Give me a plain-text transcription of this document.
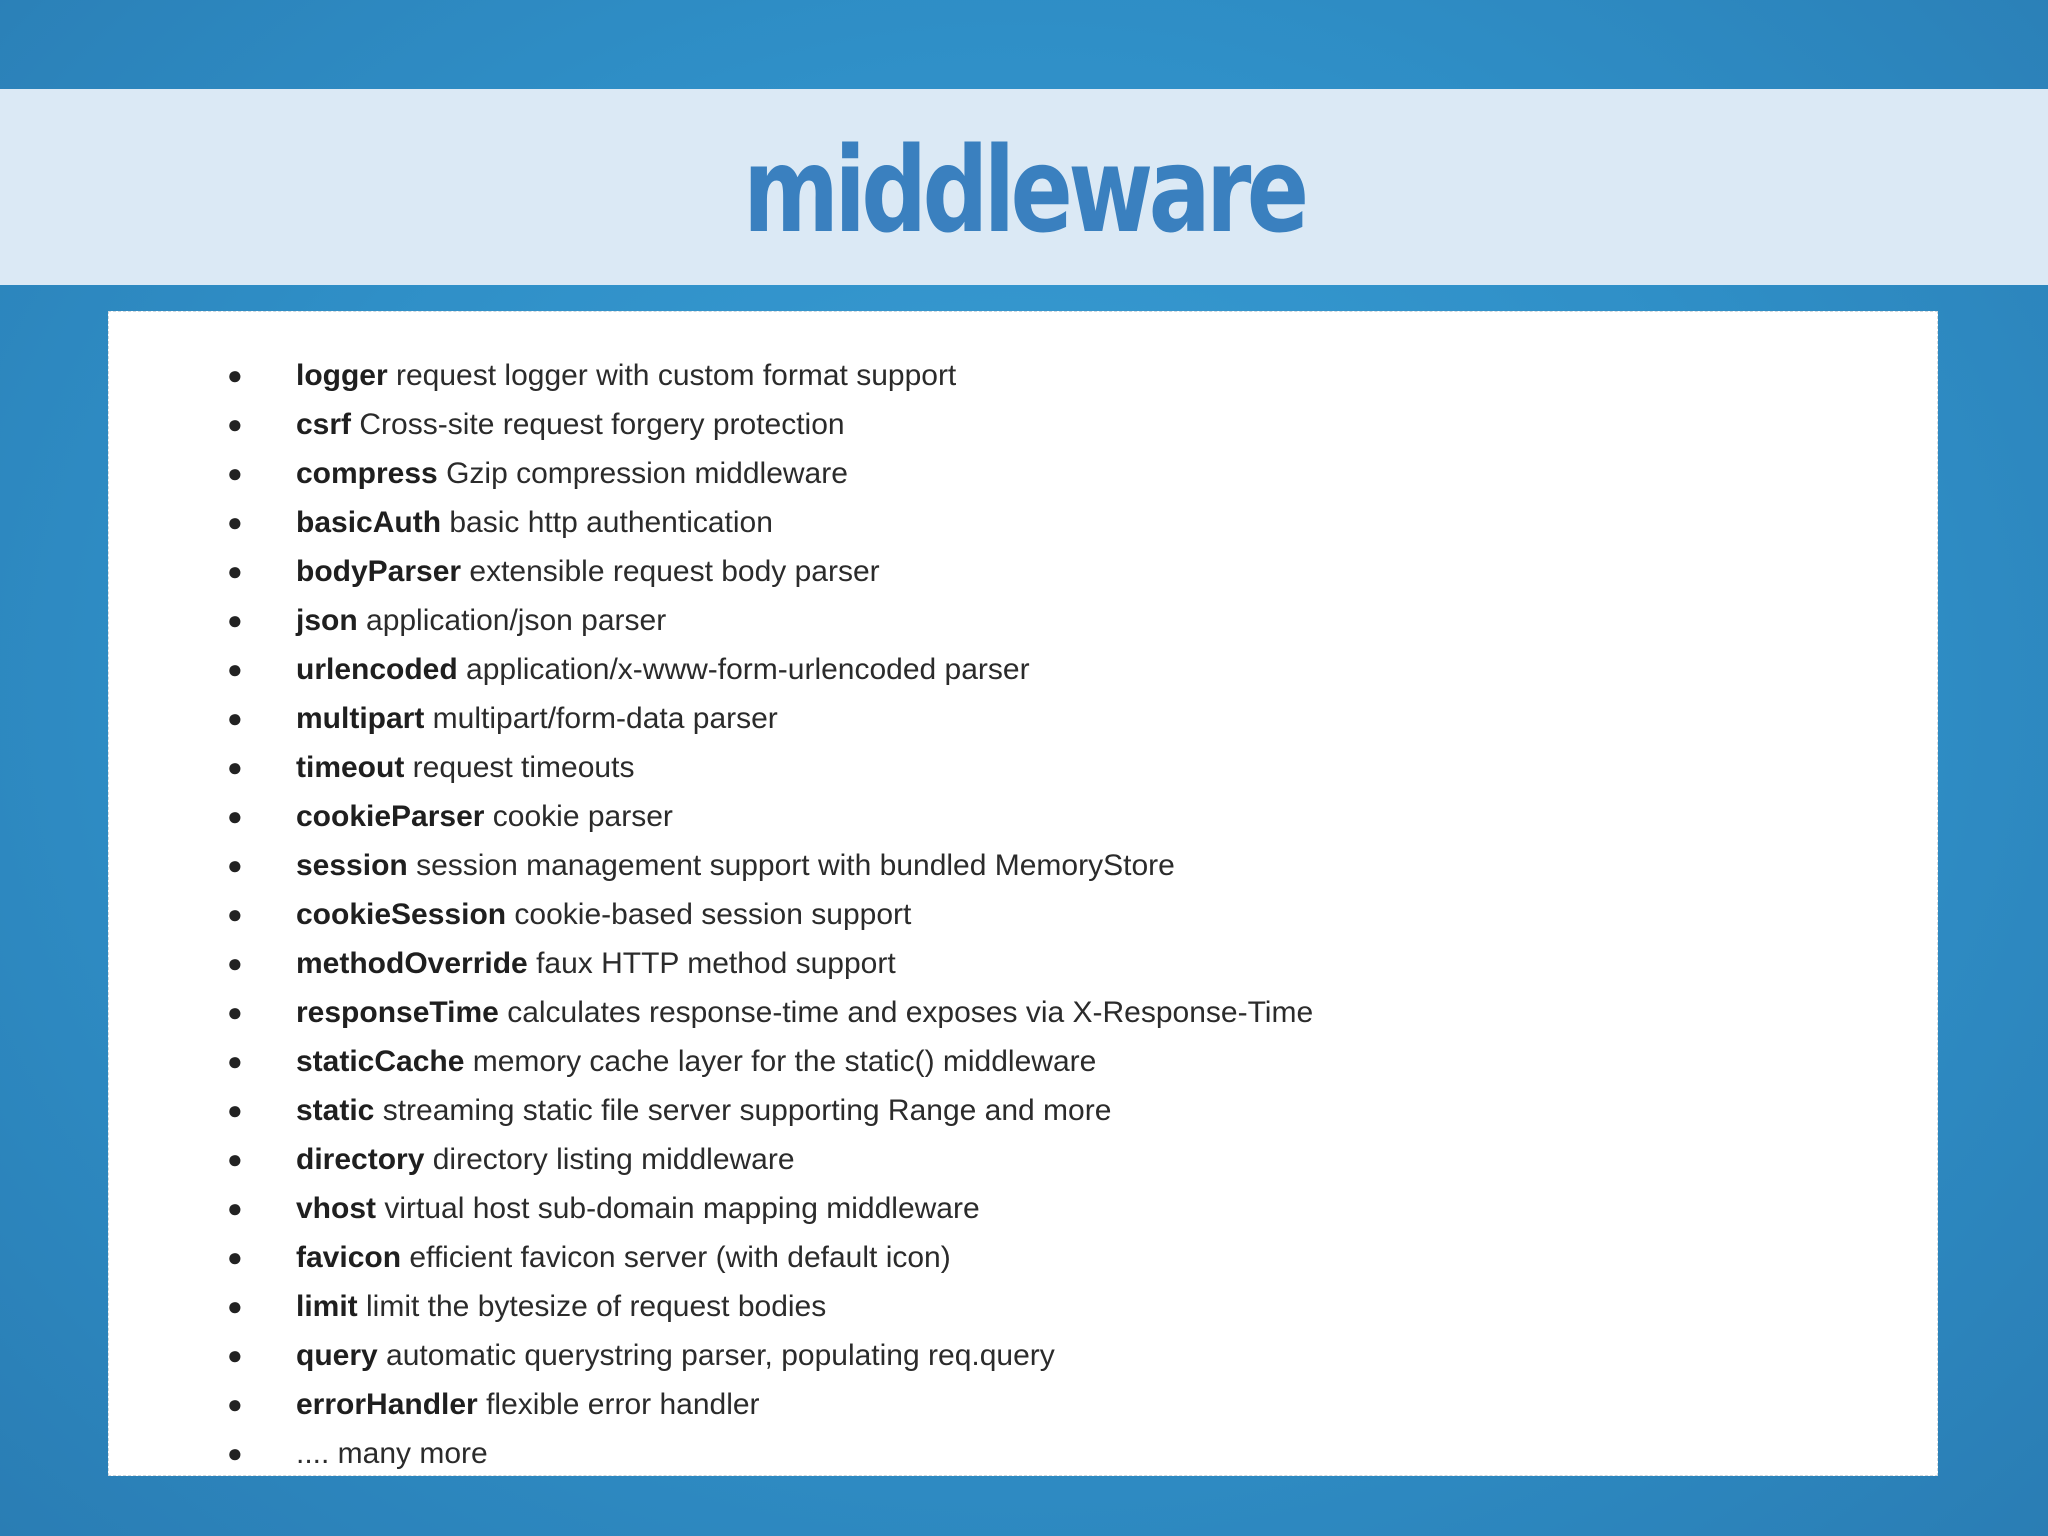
middleware
● logger request logger with custom format support
● csrf Cross-site request forgery protection
● compress Gzip compression middleware
● basicAuth basic http authentication
● bodyParser extensible request body parser
● json application/json parser
● urlencoded application/x-www-form-urlencoded parser
● multipart multipart/form-data parser
● timeout request timeouts
● cookieParser cookie parser
● session session management support with bundled MemoryStore
● cookieSession cookie-based session support
● methodOverride faux HTTP method support
● responseTime calculates response-time and exposes via X-Response-Time
● staticCache memory cache layer for the static() middleware
● static streaming static file server supporting Range and more
● directory directory listing middleware
● vhost virtual host sub-domain mapping middleware
● favicon efficient favicon server (with default icon)
● limit limit the bytesize of request bodies
● query automatic querystring parser, populating req.query
● errorHandler flexible error handler
● .... many more
